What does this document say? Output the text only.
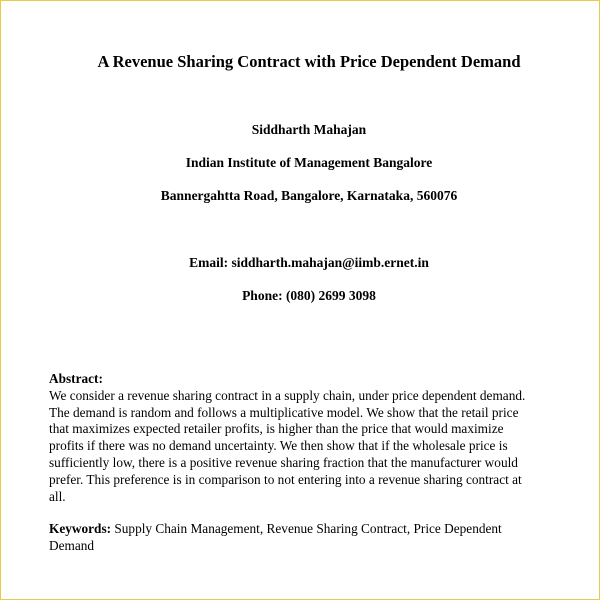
A Revenue Sharing Contract with Price Dependent Demand
Siddharth Mahajan
Indian Institute of Management Bangalore
Bannergahtta Road, Bangalore, Karnataka, 560076
Email: siddharth.mahajan@iimb.ernet.in
Phone: (080) 2699 3098
Abstract:
We consider a revenue sharing contract in a supply chain, under price dependent demand.
The demand is random and follows a multiplicative model. We show that the retail price
that maximizes expected retailer profits, is higher than the price that would maximize
profits if there was no demand uncertainty. We then show that if the wholesale price is
sufficiently low, there is a positive revenue sharing fraction that the manufacturer would
prefer. This preference is in comparison to not entering into a revenue sharing contract at
all.
Keywords: Supply Chain Management, Revenue Sharing Contract, Price Dependent
Demand
